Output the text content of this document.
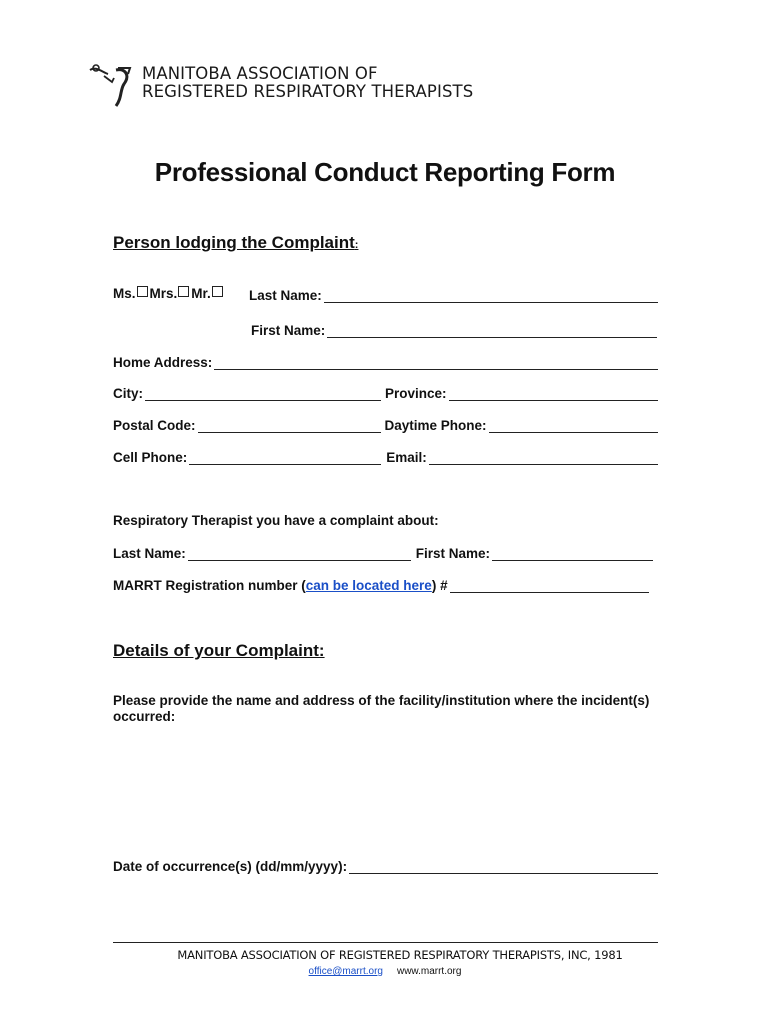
MANITOBA ASSOCIATION OF
REGISTERED RESPIRATORY THERAPISTS
Professional Conduct Reporting Form
Person lodging the Complaint:
Ms. Mrs. Mr.	Last Name:
First Name:
Home Address:
City:	Province:
Postal Code:	Daytime Phone:
Cell Phone:	Email:
Respiratory Therapist you have a complaint about:
Last Name:	First Name:
MARRT Registration number (can be located here) #
Details of your Complaint:
Please provide the name and address of the facility/institution where the incident(s) occurred:
Date of occurrence(s) (dd/mm/yyyy):
MANITOBA ASSOCIATION OF REGISTERED RESPIRATORY THERAPISTS, INC, 1981
office@marrt.org www.marrt.org
